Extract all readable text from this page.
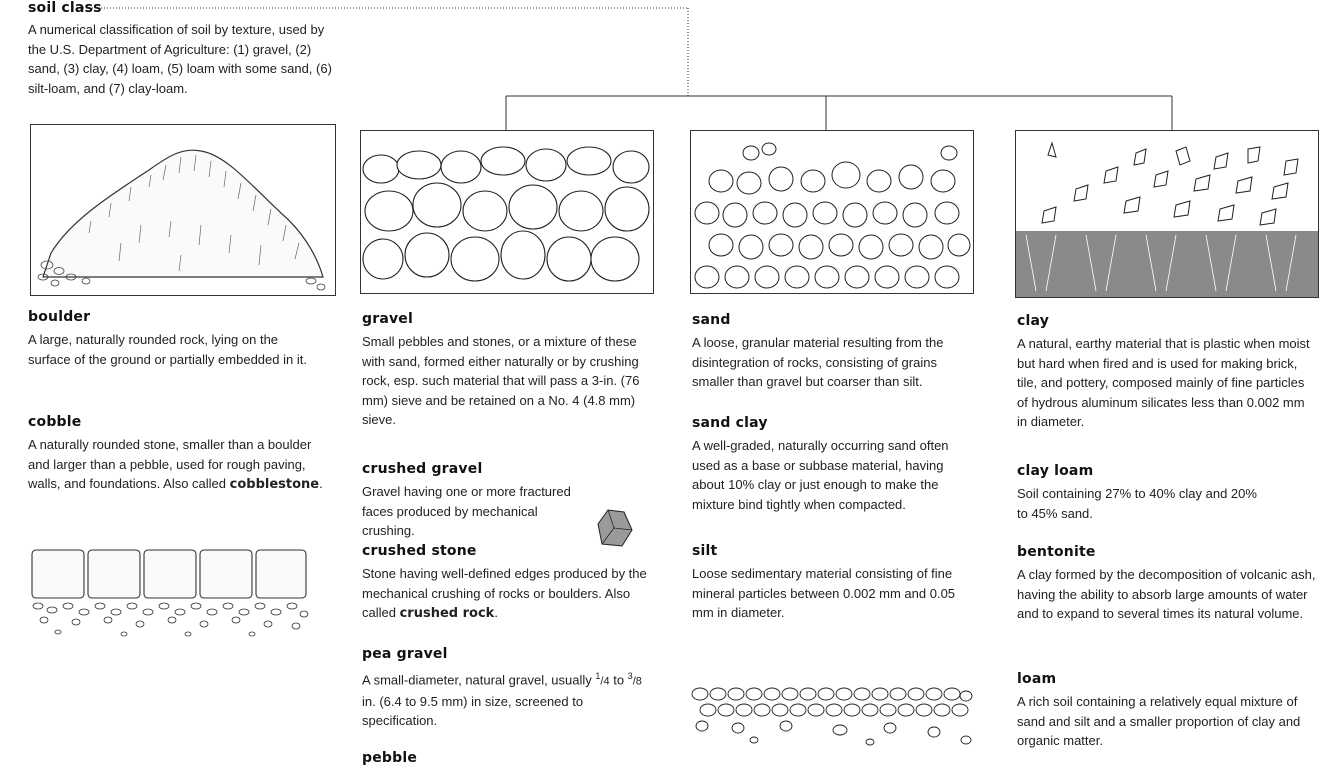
soil class
A numerical classification of soil by texture, used by the U.S. Department of Agriculture: (1) gravel, (2) sand, (3) clay, (4) loam, (5) loam with some sand, (6) silt-loam, and (7) clay-loam.
boulder
A large, naturally rounded rock, lying on the surface of the ground or partially embedded in it.
cobble
A naturally rounded stone, smaller than a boulder and larger than a pebble, used for rough paving, walls, and foundations. Also called cobblestone.
gravel
Small pebbles and stones, or a mixture of these with sand, formed either naturally or by crushing rock, esp. such material that will pass a 3-in. (76 mm) sieve and be retained on a No. 4 (4.8 mm) sieve.
crushed gravel
Gravel having one or more fractured faces produced by mechanical crushing.
crushed stone
Stone having well-defined edges produced by the mechanical crushing of rocks or boulders. Also called crushed rock.
pea gravel
A small-diameter, natural gravel, usually $^1$/4 to $^3$/8 in. (6.4 to 9.5 mm) in size, screened to specification.
pebble
sand
A loose, granular material resulting from the disintegration of rocks, consisting of grains smaller than gravel but coarser than silt.
sand clay
A well-graded, naturally occurring sand often used as a base or subbase material, having about 10% clay or just enough to make the mixture bind tightly when compacted.
silt
Loose sedimentary material consisting of fine mineral particles between 0.002 mm and 0.05 mm in diameter.
clay
A natural, earthy material that is plastic when moist but hard when fired and is used for making brick, tile, and pottery, composed mainly of fine particles of hydrous aluminum silicates less than 0.002 mm in diameter.
clay loam
Soil containing 27% to 40% clay and 20% to 45% sand.
bentonite
A clay formed by the decomposition of volcanic ash, having the ability to absorb large amounts of water and to expand to several times its natural volume.
loam
A rich soil containing a relatively equal mixture of sand and silt and a smaller proportion of clay and organic matter.
